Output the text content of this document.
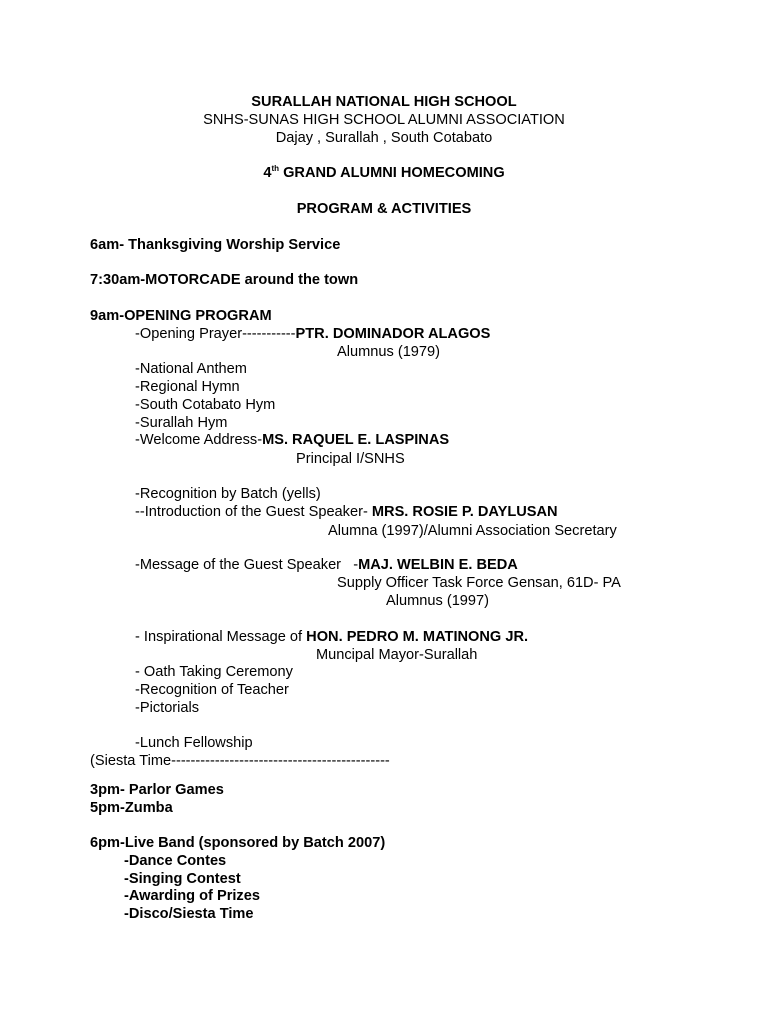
SURALLAH NATIONAL HIGH SCHOOL
SNHS-SUNAS HIGH SCHOOL ALUMNI ASSOCIATION
Dajay , Surallah , South Cotabato
4th GRAND ALUMNI HOMECOMING
PROGRAM & ACTIVITIES
6am- Thanksgiving Worship Service
7:30am-MOTORCADE around the town
9am-OPENING PROGRAM
-Opening Prayer-----------PTR. DOMINADOR ALAGOS
Alumnus (1979)
-National Anthem
-Regional Hymn
-South Cotabato Hym
-Surallah Hym
-Welcome Address-MS. RAQUEL E. LASPINAS
Principal I/SNHS
-Recognition by Batch (yells)
--Introduction of the Guest Speaker- MRS. ROSIE P. DAYLUSAN
Alumna (1997)/Alumni Association Secretary
-Message of the Guest Speaker   -MAJ. WELBIN E. BEDA
Supply Officer Task Force Gensan, 61D- PA
Alumnus (1997)
- Inspirational Message of HON. PEDRO M. MATINONG JR.
Muncipal Mayor-Surallah
- Oath Taking Ceremony
-Recognition of Teacher
-Pictorials
-Lunch Fellowship
(Siesta Time---------------------------------------------
3pm- Parlor Games
5pm-Zumba
6pm-Live Band (sponsored by Batch 2007)
-Dance Contes
-Singing Contest
-Awarding of Prizes
-Disco/Siesta Time
